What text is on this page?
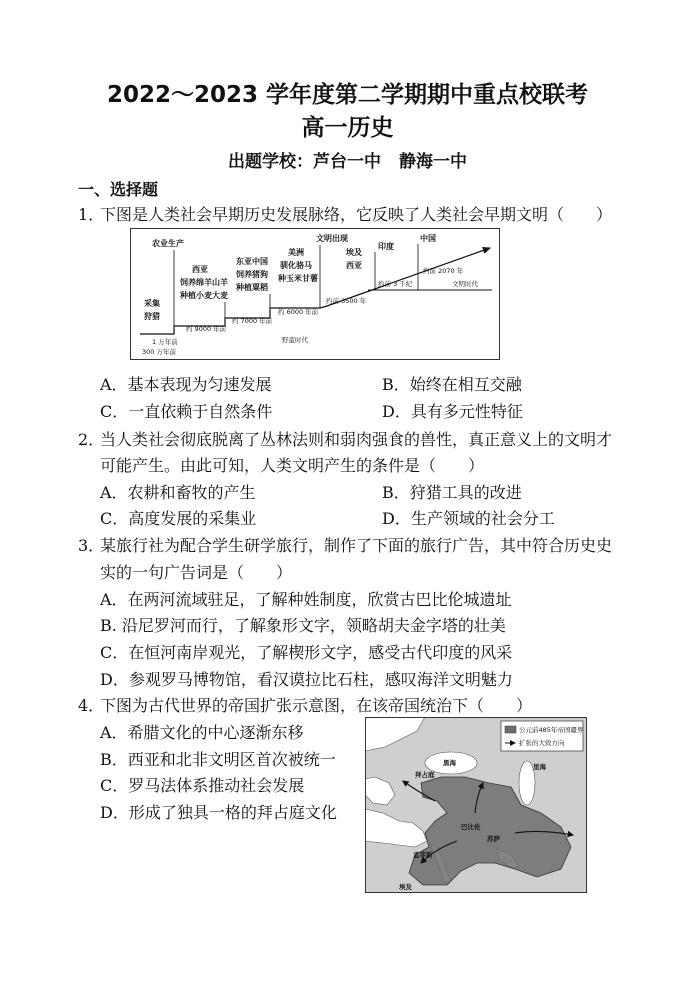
2022～2023 学年度第二学期期中重点校联考
高一历史
出题学校：芦台一中 静海一中
一、选择题
1．下图是人类社会早期历史发展脉络，它反映了人类社会早期文明（　　）
农业生产
采集
狩猎
西亚
饲养绵羊山羊
种植小麦大麦
东亚中国
饲养猪狗
种植粟稻
美洲
驯化骆马
种玉米甘薯
文明出现
埃及
西亚
印度
中国
约前 2070 年
约前 3 千纪	文明时代
约前 3500 年
约 6000 年前
约 7000 年前
约 9000 年前
1 万年前
300 万年前
野蛮时代
A．基本表现为匀速发展	B．始终在相互交融
C．一直依赖于自然条件	D．具有多元性特征
2．当人类社会彻底脱离了丛林法则和弱肉强食的兽性，真正意义上的文明才
可能产生。由此可知，人类文明产生的条件是（　　）
A．农耕和畜牧的产生	B．狩猎工具的改进
C．高度发展的采集业	D．生产领域的社会分工
3．某旅行社为配合学生研学旅行，制作了下面的旅行广告，其中符合历史史
实的一句广告词是（　　）
A．在两河流域驻足，了解种姓制度，欣赏古巴比伦城遗址
B. 沿尼罗河而行，了解象形文字，领略胡夫金字塔的壮美
C．在恒河南岸观光，了解楔形文字，感受古代印度的风采
D．参观罗马博物馆，看汉谟拉比石柱，感叹海洋文明魅力
4．下图为古代世界的帝国扩张示意图，在该帝国统治下（　　）
A．希腊文化的中心逐渐东移
B．西亚和北非文明区首次被统一
C．罗马法体系推动社会发展
D．形成了独具一格的拜占庭文化
公元前485年帝国疆界
扩张的大致方向
黑海	里海
拜占庭
巴比伦
苏萨
孟菲斯
埃及
